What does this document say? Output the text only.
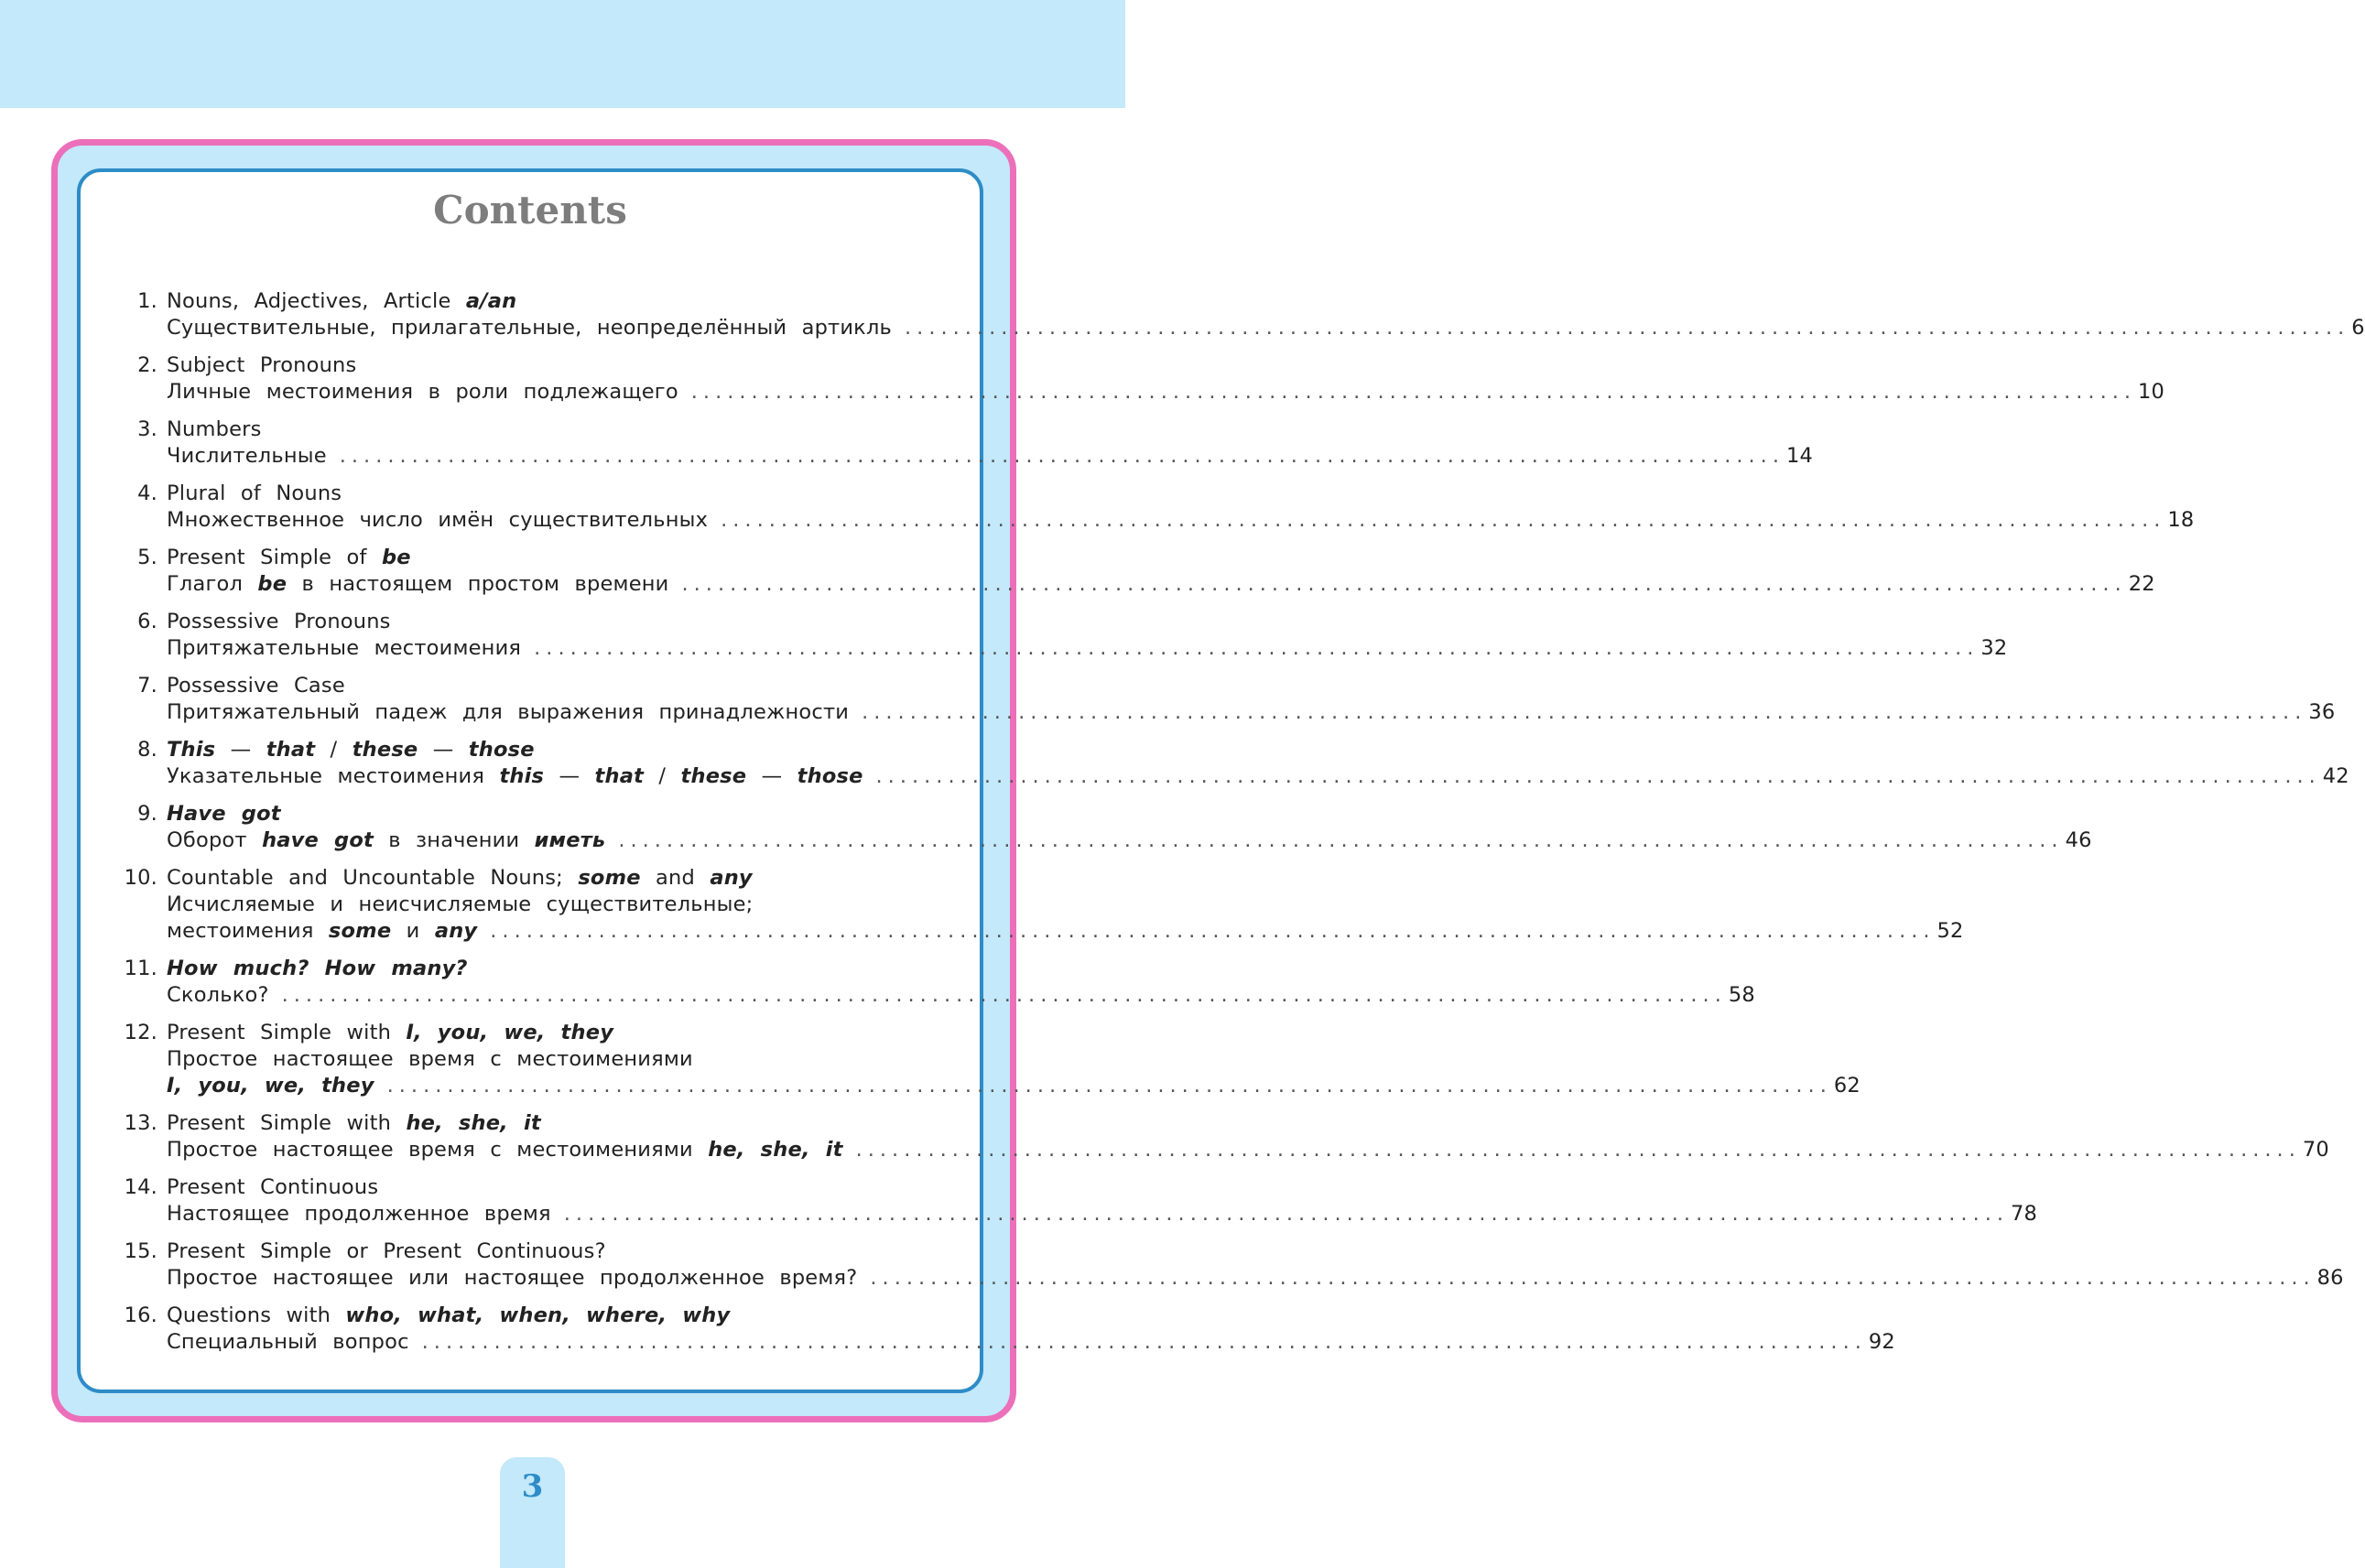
Contents
1. Nouns, Adjectives, Article a/an
Существительные, прилагательные, неопределённый артикль ........................................................................................................................ 6
2. Subject Pronouns
Личные местоимения в роли подлежащего ........................................................................................................................ 10
3. Numbers
Числительные ........................................................................................................................ 14
4. Plural of Nouns
Множественное число имён существительных ........................................................................................................................ 18
5. Present Simple of be
Глагол be в настоящем простом времени ........................................................................................................................ 22
6. Possessive Pronouns
Притяжательные местоимения ........................................................................................................................ 32
7. Possessive Case
Притяжательный падеж для выражения принадлежности ........................................................................................................................ 36
8. This — that / these — those
Указательные местоимения this — that / these — those ........................................................................................................................ 42
9. Have got
Оборот have got в значении иметь ........................................................................................................................ 46
10. Countable and Uncountable Nouns; some and any
Исчисляемые и неисчисляемые существительные;
местоимения some и any ........................................................................................................................ 52
11. How much? How many?
Сколько? ........................................................................................................................ 58
12. Present Simple with I, you, we, they
Простое настоящее время с местоимениями
I, you, we, they ........................................................................................................................ 62
13. Present Simple with he, she, it
Простое настоящее время с местоимениями he, she, it ........................................................................................................................ 70
14. Present Continuous
Настоящее продолженное время ........................................................................................................................ 78
15. Present Simple or Present Continuous?
Простое настоящее или настоящее продолженное время? ........................................................................................................................ 86
16. Questions with who, what, when, where, why
Специальный вопрос ........................................................................................................................ 92
3
